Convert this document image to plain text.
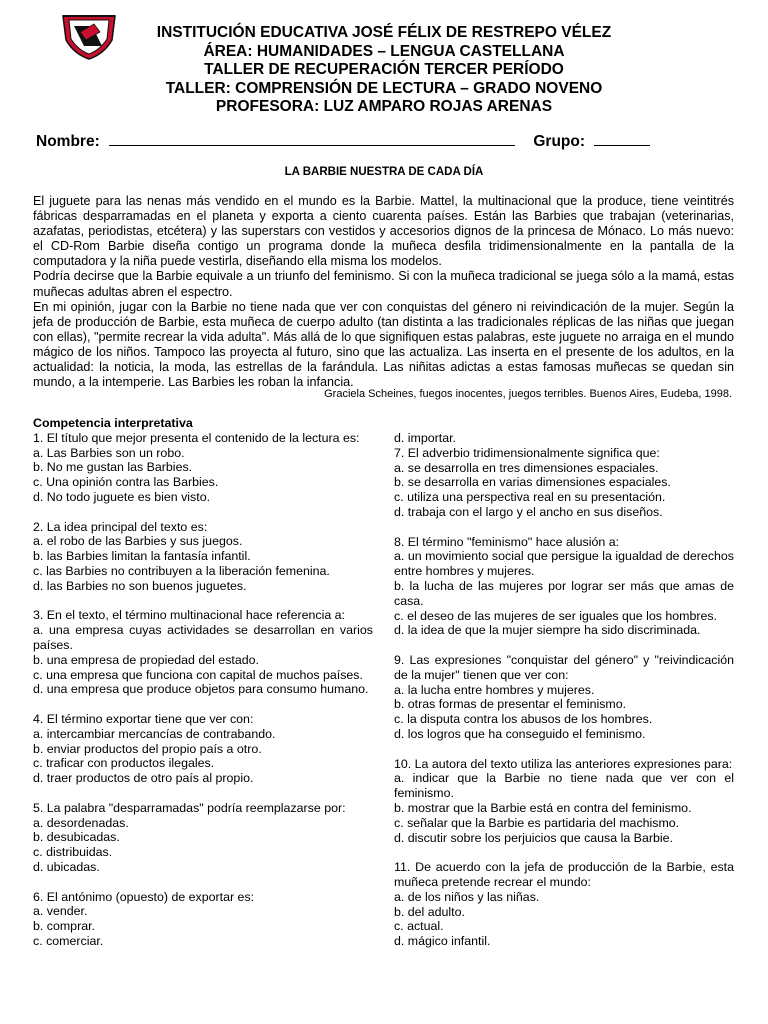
INSTITUCIÓN EDUCATIVA JOSÉ FÉLIX DE RESTREPO VÉLEZ
ÁREA: HUMANIDADES – LENGUA CASTELLANA
TALLER DE RECUPERACIÓN TERCER PERÍODO
TALLER: COMPRENSIÓN DE LECTURA – GRADO NOVENO
PROFESORA: LUZ AMPARO ROJAS ARENAS
Nombre:	Grupo:
LA BARBIE NUESTRA DE CADA DÍA

El juguete para las nenas más vendido en el mundo es la Barbie. Mattel, la multinacional que la produce, tiene veintitrés fábricas desparramadas en el planeta y exporta a ciento cuarenta países. Están las Barbies que trabajan (veterinarias, azafatas, periodistas, etcétera) y las superstars con vestidos y accesorios dignos de la princesa de Mónaco. Lo más nuevo: el CD-Rom Barbie diseña contigo un programa donde la muñeca desfila tridimensionalmente en la pantalla de la computadora y la niña puede vestirla, diseñando ella misma los modelos.

Podría decirse que la Barbie equivale a un triunfo del feminismo. Si con la muñeca tradicional se juega sólo a la mamá, estas muñecas adultas abren el espectro.

En mi opinión, jugar con la Barbie no tiene nada que ver con conquistas del género ni reivindicación de la mujer. Según la jefa de producción de Barbie, esta muñeca de cuerpo adulto (tan distinta a las tradicionales réplicas de las niñas que juegan con ellas), "permite recrear la vida adulta". Más allá de lo que signifiquen estas palabras, este juguete no arraiga en el mundo mágico de los niños. Tampoco las proyecta al futuro, sino que las actualiza. Las inserta en el presente de los adultos, en la actualidad: la noticia, la moda, las estrellas de la farándula. Las niñitas adictas a estas famosas muñecas se quedan sin mundo, a la intemperie. Las Barbies les roban la infancia.

Graciela Scheines, fuegos inocentes, juegos terribles. Buenos Aires, Eudeba, 1998.
Competencia interpretativa
1. El título que mejor presenta el contenido de la lectura es:
a. Las Barbies son un robo.
b. No me gustan las Barbies.
c. Una opinión contra las Barbies.
d. No todo juguete es bien visto.
2. La idea principal del texto es:
a. el robo de las Barbies y sus juegos.
b. las Barbies limitan la fantasía infantil.
c. las Barbies no contribuyen a la liberación femenina.
d. las Barbies no son buenos juguetes.
3. En el texto, el término multinacional hace referencia a:
a. una empresa cuyas actividades se desarrollan en varios países.
b. una empresa de propiedad del estado.
c. una empresa que funciona con capital de muchos países.
d. una empresa que produce objetos para consumo humano.
4. El término exportar tiene que ver con:
a. intercambiar mercancías de contrabando.
b. enviar productos del propio país a otro.
c. traficar con productos ilegales.
d. traer productos de otro país al propio.
5. La palabra "desparramadas" podría reemplazarse por:
a. desordenadas.
b. desubicadas.
c. distribuidas.
d. ubicadas.
6. El antónimo (opuesto) de exportar es:
a. vender.
b. comprar.
c. comerciar.
d. importar.
7. El adverbio tridimensionalmente significa que:
a. se desarrolla en tres dimensiones espaciales.
b. se desarrolla en varias dimensiones espaciales.
c. utiliza una perspectiva real en su presentación.
d. trabaja con el largo y el ancho en sus diseños.
8. El término "feminismo" hace alusión a:
a. un movimiento social que persigue la igualdad de derechos entre hombres y mujeres.
b. la lucha de las mujeres por lograr ser más que amas de casa.
c. el deseo de las mujeres de ser iguales que los hombres.
d. la idea de que la mujer siempre ha sido discriminada.
9. Las expresiones "conquistar del género" y "reivindicación de la mujer" tienen que ver con:
a. la lucha entre hombres y mujeres.
b. otras formas de presentar el feminismo.
c. la disputa contra los abusos de los hombres.
d. los logros que ha conseguido el feminismo.
10. La autora del texto utiliza las anteriores expresiones para:
a. indicar que la Barbie no tiene nada que ver con el feminismo.
b. mostrar que la Barbie está en contra del feminismo.
c. señalar que la Barbie es partidaria del machismo.
d. discutir sobre los perjuicios que causa la Barbie.
11. De acuerdo con la jefa de producción de la Barbie, esta muñeca pretende recrear el mundo:
a. de los niños y las niñas.
b. del adulto.
c. actual.
d. mágico infantil.
